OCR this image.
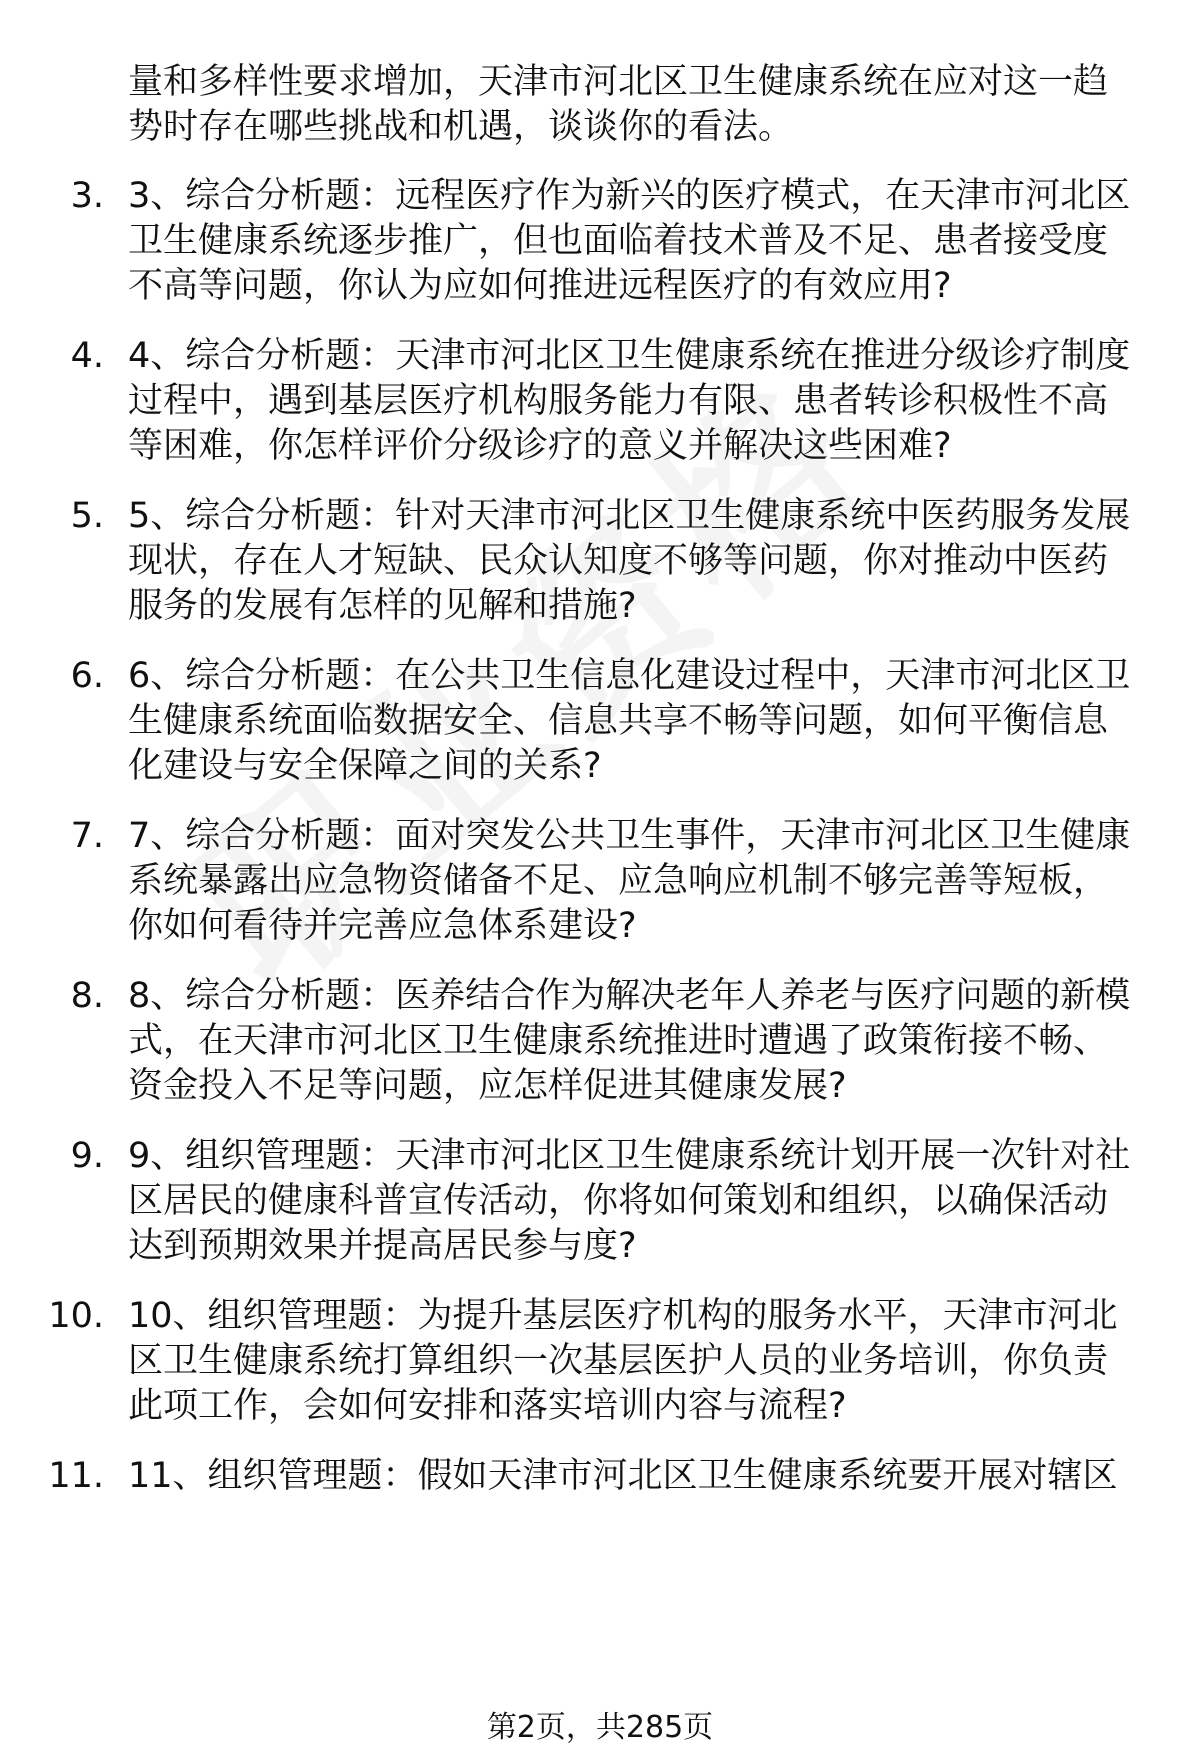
量和多样性要求增加，天津市河北区卫生健康系统在应对这一趋
势时存在哪些挑战和机遇，谈谈你的看法。
3. 3、综合分析题：远程医疗作为新兴的医疗模式，在天津市河北区
卫生健康系统逐步推广，但也面临着技术普及不足、患者接受度
不高等问题，你认为应如何推进远程医疗的有效应用?
4. 4、综合分析题：天津市河北区卫生健康系统在推进分级诊疗制度
过程中，遇到基层医疗机构服务能力有限、患者转诊积极性不高
等困难，你怎样评价分级诊疗的意义并解决这些困难?
5. 5、综合分析题：针对天津市河北区卫生健康系统中医药服务发展
现状，存在人才短缺、民众认知度不够等问题，你对推动中医药
服务的发展有怎样的见解和措施?
6. 6、综合分析题：在公共卫生信息化建设过程中，天津市河北区卫
生健康系统面临数据安全、信息共享不畅等问题，如何平衡信息
化建设与安全保障之间的关系?
7. 7、综合分析题：面对突发公共卫生事件，天津市河北区卫生健康
系统暴露出应急物资储备不足、应急响应机制不够完善等短板，
你如何看待并完善应急体系建设?
8. 8、综合分析题：医养结合作为解决老年人养老与医疗问题的新模
式，在天津市河北区卫生健康系统推进时遭遇了政策衔接不畅、
资金投入不足等问题，应怎样促进其健康发展?
9. 9、组织管理题：天津市河北区卫生健康系统计划开展一次针对社
区居民的健康科普宣传活动，你将如何策划和组织，以确保活动
达到预期效果并提高居民参与度?
10. 10、组织管理题：为提升基层医疗机构的服务水平，天津市河北
区卫生健康系统打算组织一次基层医护人员的业务培训，你负责
此项工作，会如何安排和落实培训内容与流程?
11. 11、组织管理题：假如天津市河北区卫生健康系统要开展对辖区
第2页，共285页
